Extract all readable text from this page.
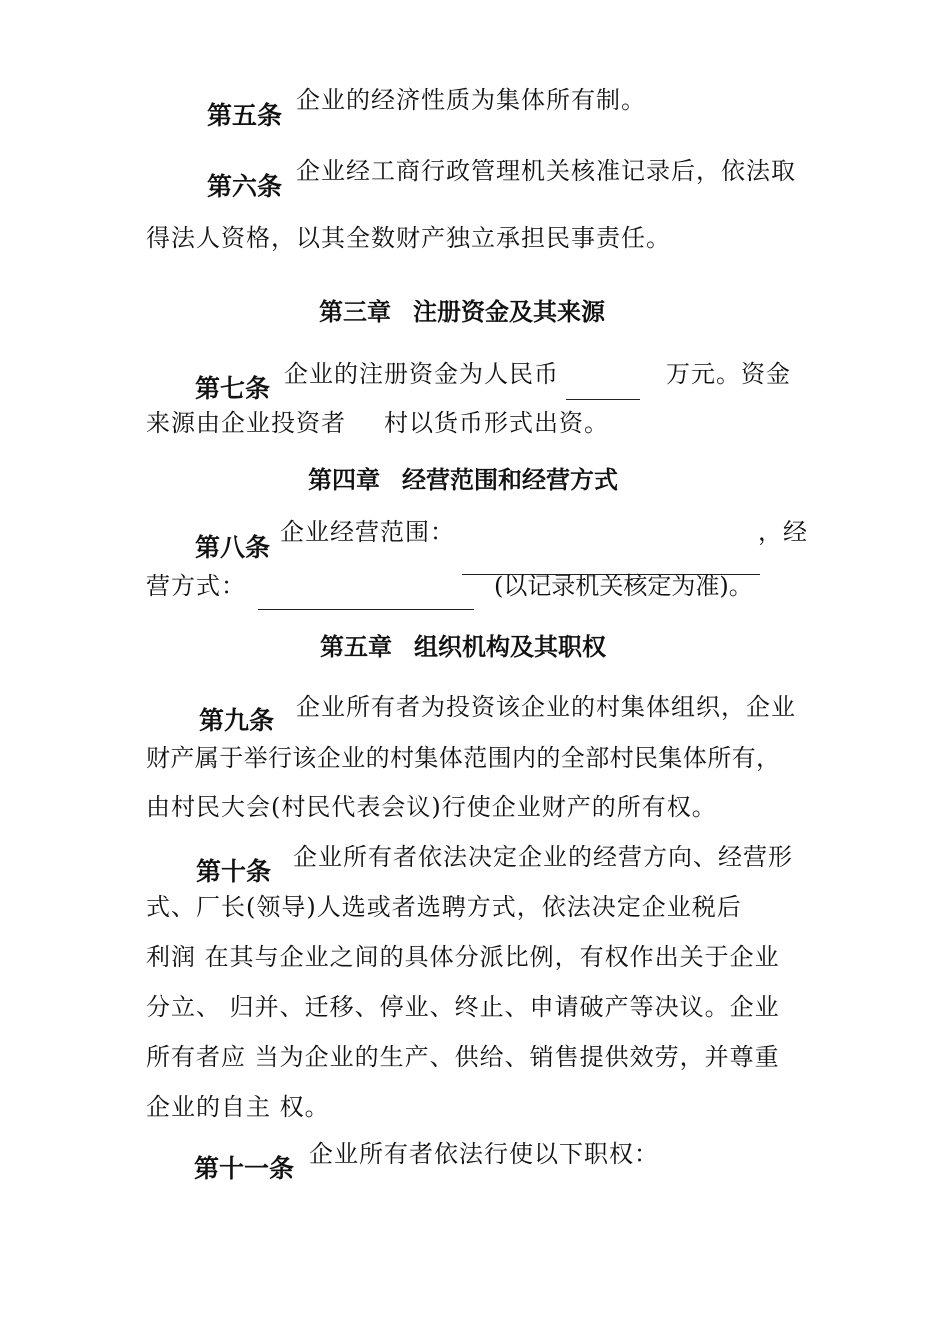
第五条
企业的经济性质为集体所有制。
第六条
企业经工商行政管理机关核准记录后，依法取
得法人资格，以其全数财产独立承担民事责任。
第三章 注册资金及其来源
第七条 企业的注册资金为人民币	万元。资金
来源由企业投资者 村以货币形式出资。
第四章 经营范围和经营方式
第八条
企业经营范围：	，经
营方式：	(以记录机关核定为准)。
第五章 组织机构及其职权
第九条 企业所有者为投资该企业的村集体组织，企业
财产属于举行该企业的村集体范围内的全部村民集体所有，
由村民大会(村民代表会议)行使企业财产的所有权。
第十条 企业所有者依法决定企业的经营方向、经营形
式、厂长(领导)人选或者选聘方式，依法决定企业税后
利润 在其与企业之间的具体分派比例，有权作出关于企业
分立、 归并、迁移、停业、终止、申请破产等决议。企业
所有者应 当为企业的生产、供给、销售提供效劳，并尊重
企业的自主 权。
第十一条 企业所有者依法行使以下职权：
